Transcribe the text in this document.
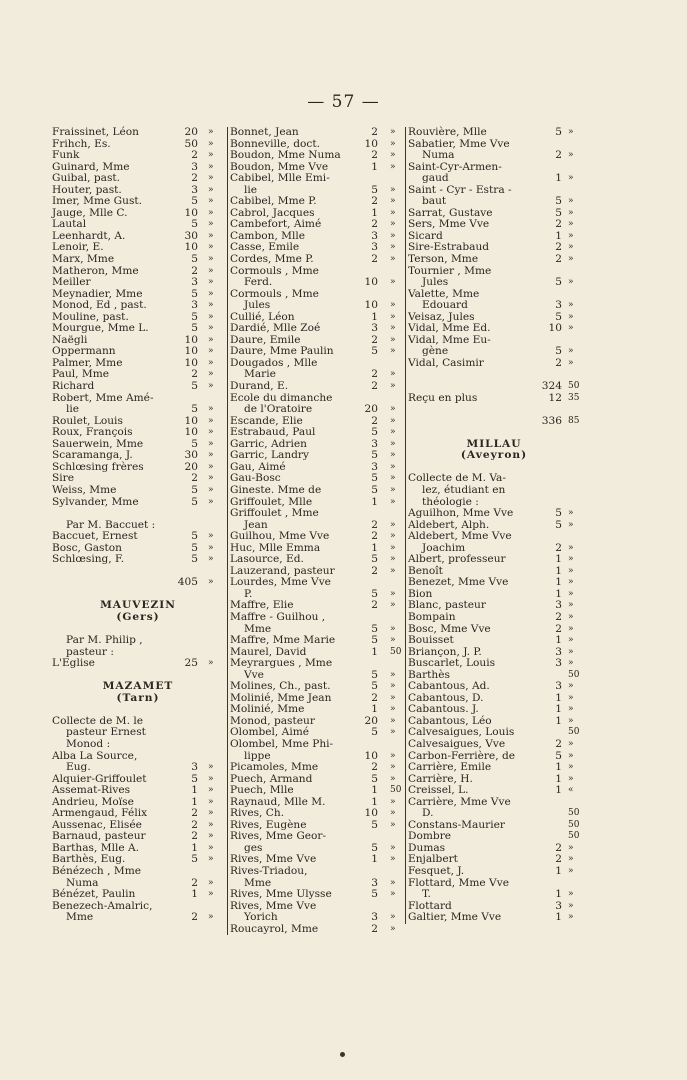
— 57 —
Fraissinet, Léon	20 »
Frihch, Es.	50 »
Funk	2 »
Guinard, Mme	3 »
Guibal, past.	2 »
Houter, past.	3 »
Imer, Mme Gust.	5 »
Jauge, Mlle C.	10 »
Lautal	5 »
Leenhardt, A.	30 »
Lenoir, E.	10 »
Marx, Mme	5 »
Matheron, Mme	2 »
Meiller	3 »
Meynadier, Mme	5 »
Monod, Ed , past.	3 »
Mouline, past.	5 »
Mourgue, Mme L.	5 »
Naëgli	10 »
Oppermann	10 »
Palmer, Mme	10 »
Paul, Mme	2 »
Richard	5 »
Robert, Mme Amé-
lie	5 »
Roulet, Louis	10 »
Roux, François	10 »
Sauerwein, Mme	5 »
Scaramanga, J.	30 »
Schlœsing frères	20 »
Sire	2 »
Weiss, Mme	5 »
Sylvander, Mme	5 »
Par M. Baccuet :
Baccuet, Ernest	5 »
Bosc, Gaston	5 »
Schlœsing, F.	5 »
405 »
MAUVEZIN
(Gers)
Par M. Philip ,
pasteur :
L'Eglise	25 »
MAZAMET
(Tarn)
Collecte de M. le
pasteur Ernest
Monod :
Alba La Source,
Eug.	3 »
Alquier-Griffoulet	5 »
Assemat-Rives	1 »
Andrieu, Moïse	1 »
Armengaud, Félix	2 »
Aussenac, Elisée	2 »
Barnaud, pasteur	2 »
Barthas, Mlle A.	1 »
Barthès, Eug.	5 »
Bénézech , Mme
Numa	2 »
Bénézet, Paulin	1 »
Benezech-Amalric,
Mme	2 »
Bonnet, Jean	2 »
Bonneville, doct.	10 »
Boudon, Mme Numa	2 »
Boudon, Mme Vve	1 »
Cabibel, Mlle Emi-
lie	5 »
Cabibel, Mme P.	2 »
Cabrol, Jacques	1 »
Cambefort, Aimé	2 »
Cambon, Mlle	3 »
Casse, Emile	3 »
Cordes, Mme P.	2 »
Cormouls , Mme
Ferd.	10 »
Cormouls , Mme
Jules	10 »
Cullié, Léon	1 »
Dardié, Mlle Zoé	3 »
Daure, Emile	2 »
Daure, Mme Paulin	5 »
Dougados , Mlle
Marie	2 »
Durand, E.	2 »
Ecole du dimanche
de l'Oratoire	20 »
Escande, Elie	2 »
Estrabaud, Paul	5 »
Garric, Adrien	3 »
Garric, Landry	5 »
Gau, Aimé	3 »
Gau-Bosc	5 »
Gineste. Mme de	5 »
Griffoulet, Mlle	1 »
Griffoulet , Mme
Jean	2 »
Guilhou, Mme Vve	2 »
Huc, Mlle Emma	1 »
Lasource, Ed.	5 »
Lauzerand, pasteur	2 »
Lourdes, Mme Vve
P.	5 »
Maffre, Elie	2 »
Maffre - Guilhou ,
Mme	5 »
Maffre, Mme Marie	5 »
Maurel, David	1 50
Meyrargues , Mme
Vve	5 »
Molines, Ch., past.	5 »
Molinié, Mme Jean	2 »
Molinié, Mme	1 »
Monod, pasteur	20 »
Olombel, Aimé	5 »
Olombel, Mme Phi-
lippe	10 »
Picamoles, Mme	2 »
Puech, Armand	5 »
Puech, Mlle	1 50
Raynaud, Mlle M.	1 »
Rives, Ch.	10 »
Rives, Eugène	5 »
Rives, Mme Geor-
ges	5 »
Rives, Mme Vve	1 »
Rives-Triadou,
Mme	3 »
Rives, Mme Ulysse	5 »
Rives, Mme Vve
Yorich	3 »
Roucayrol, Mme	2 »
Rouvière, Mlle	5 »
Sabatier, Mme Vve
Numa	2 »
Saint-Cyr-Armen-
gaud	1 »
Saint - Cyr - Estra -
baut	5 »
Sarrat, Gustave	5 »
Sers, Mme Vve	2 »
Sicard	1 »
Sire-Estrabaud	2 »
Terson, Mme	2 »
Tournier , Mme
Jules	5 »
Valette, Mme
Edouard	3 »
Veisaz, Jules	5 »
Vidal, Mme Ed.	10 »
Vidal, Mme Eu-
gène	5 »
Vidal, Casimir	2 »
324 50
Reçu en plus	12 35
336 85
MILLAU
(Aveyron)
Collecte de M. Va-
lez, étudiant en
théologie :
Aguilhon, Mme Vve	5 »
Aldebert, Alph.	5 »
Aldebert, Mme Vve
Joachim	2 »
Albert, professeur	1 »
Benoît	1 »
Benezet, Mme Vve	1 »
Bion	1 »
Blanc, pasteur	3 »
Bompain	2 »
Bosc, Mme Vve	2 »
Bouisset	1 »
Briançon, J. P.	3 »
Buscarlet, Louis	3 »
Barthès	50
Cabantous, Ad.	3 »
Cabantous, D.	1 »
Cabantous. J.	1 »
Cabantous, Léo	1 »
Calvesaigues, Louis	50
Calvesaigues, Vve	2 »
Carbon-Ferrière, de	5 »
Carrière, Emile	1 »
Carrière, H.	1 »
Creissel, L.	1 «
Carrière, Mme Vve
D.	50
Constans-Maurier	50
Dombre	50
Dumas	2 »
Enjalbert	2 »
Fesquet, J.	1 »
Flottard, Mme Vve
T.	1 »
Flottard	3 »
Galtier, Mme Vve	1 »
